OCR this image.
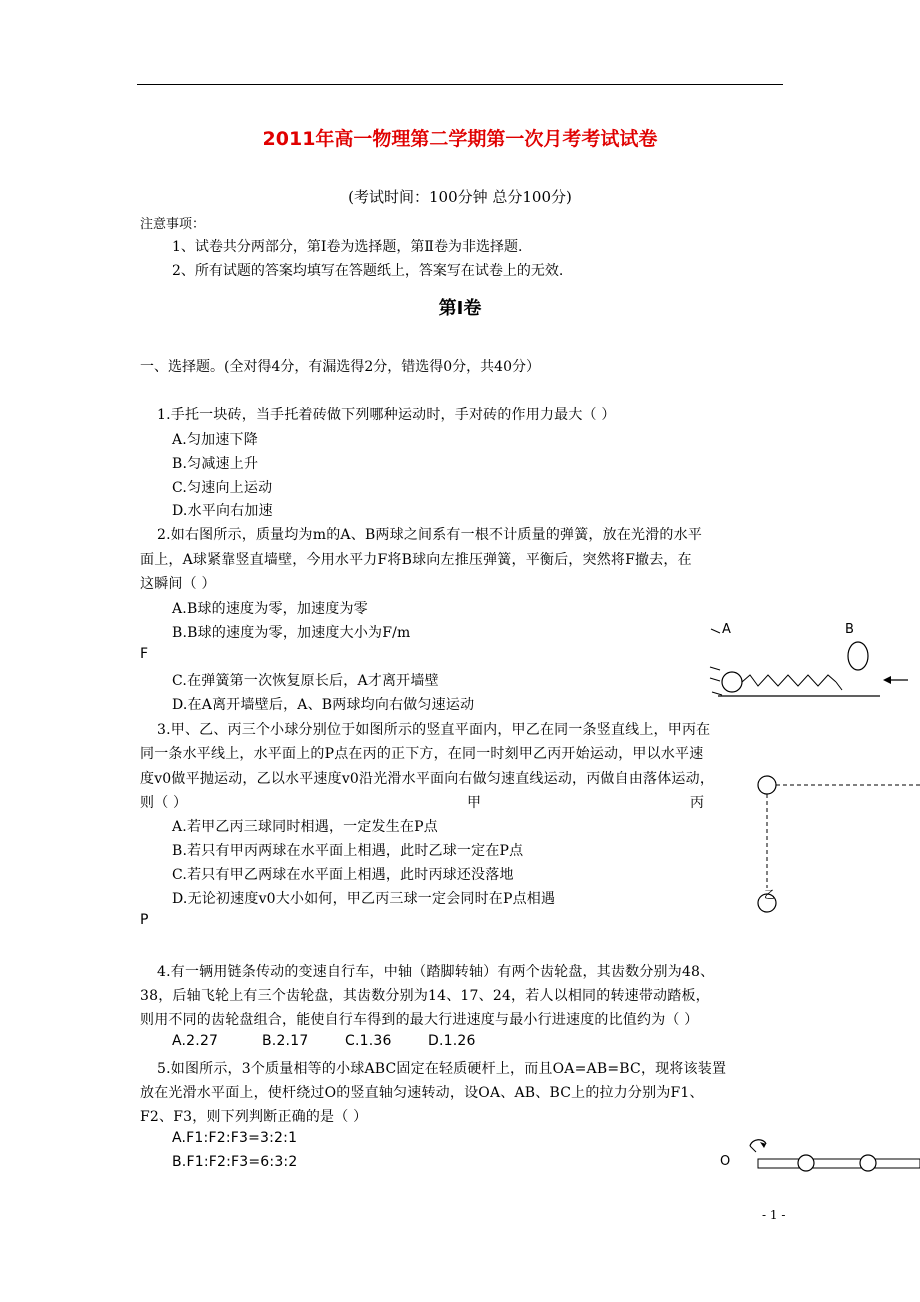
2011年高一物理第二学期第一次月考考试试卷
(考试时间：100分钟 总分100分)
注意事项：
1、试卷共分两部分，第Ⅰ卷为选择题，第Ⅱ卷为非选择题.
2、所有试题的答案均填写在答题纸上，答案写在试卷上的无效.
第I卷
一、选择题。(全对得4分，有漏选得2分，错选得0分，共40分）
1.手托一块砖，当手托着砖做下列哪种运动时，手对砖的作用力最大（ ）
A.匀加速下降
B.匀减速上升
C.匀速向上运动
D.水平向右加速
2.如右图所示，质量均为m的A、B两球之间系有一根不计质量的弹簧，放在光滑的水平
面上，A球紧靠竖直墙壁，今用水平力F将B球向左推压弹簧，平衡后，突然将F撤去，在
这瞬间（ ）
A.B球的速度为零，加速度为零
B.B球的速度为零，加速度大小为F/m
F
C.在弹簧第一次恢复原长后，A才离开墙壁
D.在A离开墙壁后，A、B两球均向右做匀速运动
A	B
3.甲、乙、丙三个小球分别位于如图所示的竖直平面内，甲乙在同一条竖直线上，甲丙在
同一条水平线上，水平面上的P点在丙的正下方，在同一时刻甲乙丙开始运动，甲以水平速
度v0做平抛运动，乙以水平速度v0沿光滑水平面向右做匀速直线运动，丙做自由落体运动，
则（ ）	甲	丙
A.若甲乙丙三球同时相遇，一定发生在P点
B.若只有甲丙两球在水平面上相遇，此时乙球一定在P点
C.若只有甲乙两球在水平面上相遇，此时丙球还没落地
D.无论初速度v0大小如何，甲乙丙三球一定会同时在P点相遇
P
乙
4.有一辆用链条传动的变速自行车，中轴（踏脚转轴）有两个齿轮盘，其齿数分别为48、
38，后轴飞轮上有三个齿轮盘，其齿数分别为14、17、24，若人以相同的转速带动踏板，
则用不同的齿轮盘组合，能使自行车得到的最大行进速度与最小行进速度的比值约为（ ）
A.2.27	B.2.17	C.1.36	D.1.26
5.如图所示，3个质量相等的小球ABC固定在轻质硬杆上，而且OA=AB=BC，现将该装置
放在光滑水平面上，使杆绕过O的竖直轴匀速转动，设OA、AB、BC上的拉力分别为F1、
F2、F3，则下列判断正确的是（ ）
A.F1:F2:F3=3:2:1
B.F1:F2:F3=6:3:2	O
- 1 -
